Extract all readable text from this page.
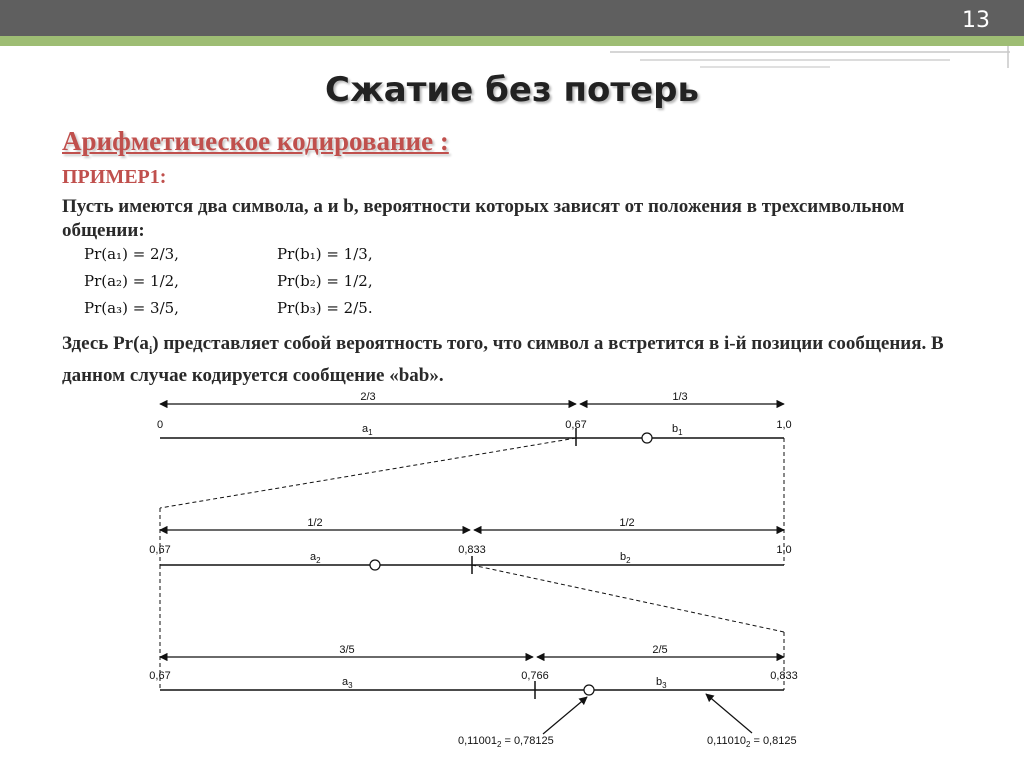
13
Сжатие без потерь
Арифметическое кодирование :
ПРИМЕР1:

Пусть имеются два символа, a и b, вероятности которых зависят от положения в трехсимвольном общении:

Pr(a₁) = 2/3,	Pr(b₁) = 1/3,
Pr(a₂) = 1/2,	Pr(b₂) = 1/2,
Pr(a₃) = 3/5,	Pr(b₃) = 2/5.

Здесь $Pr(a_i)$ представляет собой вероятность того, что символ a встретится в i-й позиции сообщения. В данном случае кодируется сообщение «bab».

2/3	1/3
0	0,67	1,0
$a_1$	$b_1$
1/2	1/2
0,67	0,833	1,0
$a_2$	$b_2$
3/5	2/5
0,67	0,766	0,833
$a_3$	$b_3$
$0,11001_2 = 0,78125$	$0,11010_2 = 0,8125$
